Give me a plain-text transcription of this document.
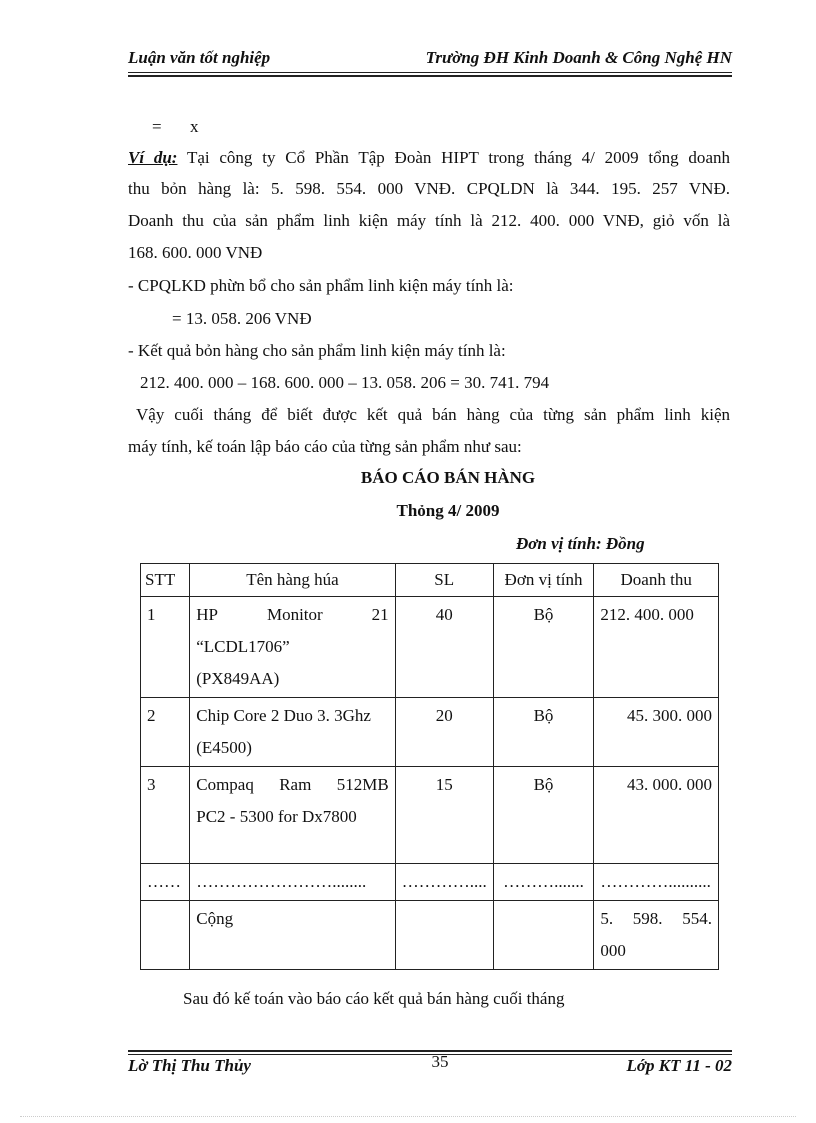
Luận văn tốt nghiệp	Trường ĐH Kinh Doanh & Công Nghệ HN
= x
Ví dụ: Tại công ty Cổ Phần Tập Đoàn HIPT trong tháng 4/ 2009 tổng doanh
thu bỏn hàng là: 5. 598. 554. 000 VNĐ. CPQLDN là 344. 195. 257 VNĐ.
Doanh thu của sản phẩm linh kiện máy tính là 212. 400. 000 VNĐ, giỏ vốn là
168. 600. 000 VNĐ
- CPQLKD phừn bổ cho sản phẩm linh kiện máy tính là:
= 13. 058. 206 VNĐ
- Kết quả bỏn hàng cho sản phẩm linh kiện máy tính là:
212. 400. 000 – 168. 600. 000 – 13. 058. 206 = 30. 741. 794
Vậy cuối tháng để biết được kết quả bán hàng của từng sản phẩm linh kiện
máy tính, kế toán lập báo cáo của từng sản phẩm như sau:
BÁO CÁO BÁN HÀNG
Thỏng 4/ 2009
Đơn vị tính: Đồng
STT	Tên hàng húa	SL	Đơn vị tính	Doanh thu
1	HP Monitor 21
“LCDL1706”
(PX849AA)	40	Bộ	212. 400. 000
2	Chip Core 2 Duo 3. 3Ghz
(E4500)	20	Bộ	45. 300. 000
3	Compaq Ram 512MB
PC2 - 5300 for Dx7800	15	Bộ	43. 000. 000
……	……………………........	…………....	……….......	…………..........
	Cộng			5. 598. 554.
000
Sau đó kế toán vào báo cáo kết quả bán hàng cuối tháng
Lờ Thị Thu Thủy	35	Lớp KT 11 - 02
